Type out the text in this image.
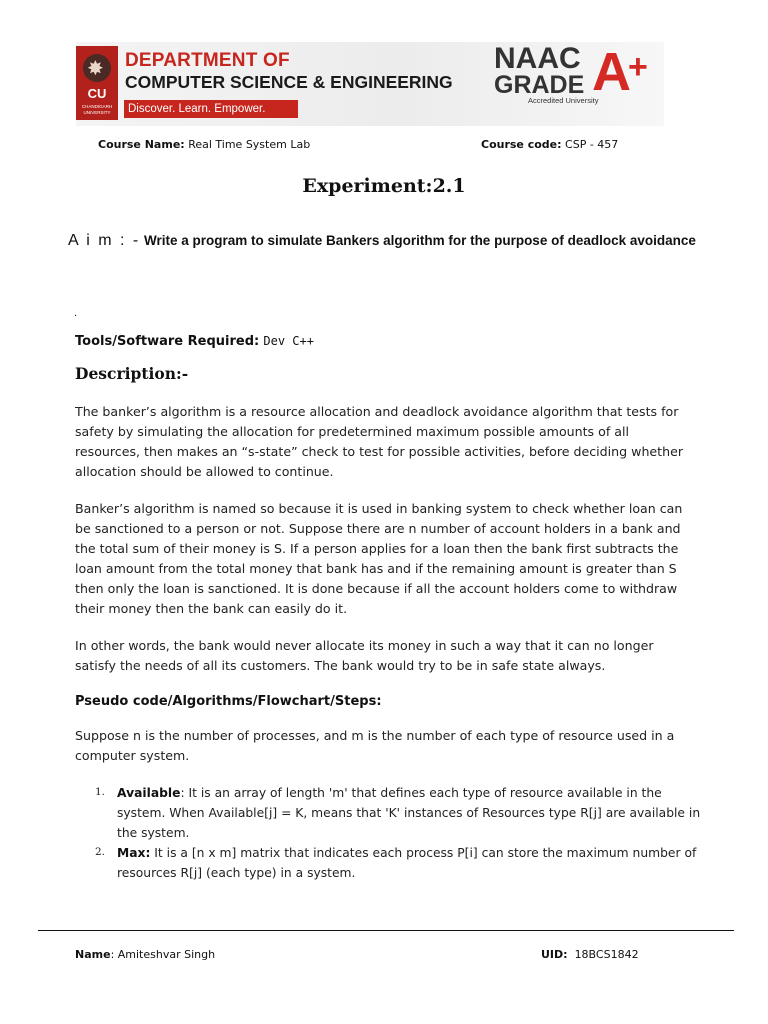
✸
CU
CHANDIGARH UNIVERSITY
DEPARTMENT OF
COMPUTER SCIENCE & ENGINEERING
Discover. Learn. Empower.
NAAC
GRADE A
+
Accredited University
Course Name: Real Time System Lab	Course code: CSP - 457
Experiment:2.1
A i m : - Write a program to simulate Bankers algorithm for the purpose of deadlock avoidance
.
Tools/Software Required: Dev C++
Description:-
The banker’s algorithm is a resource allocation and deadlock avoidance algorithm that tests for safety by simulating the allocation for predetermined maximum possible amounts of all resources, then makes an “s-state” check to test for possible activities, before deciding whether allocation should be allowed to continue.
Banker’s algorithm is named so because it is used in banking system to check whether loan can be sanctioned to a person or not. Suppose there are n number of account holders in a bank and the total sum of their money is S. If a person applies for a loan then the bank first subtracts the loan amount from the total money that bank has and if the remaining amount is greater than S then only the loan is sanctioned. It is done because if all the account holders come to withdraw their money then the bank can easily do it.
In other words, the bank would never allocate its money in such a way that it can no longer satisfy the needs of all its customers. The bank would try to be in safe state always.
Pseudo code/Algorithms/Flowchart/Steps:
Suppose n is the number of processes, and m is the number of each type of resource used in a computer system.
1. Available: It is an array of length 'm' that defines each type of resource available in the system. When Available[j] = K, means that 'K' instances of Resources type R[j] are available in the system.
2. Max: It is a [n x m] matrix that indicates each process P[i] can store the maximum number of resources R[j] (each type) in a system.
Name: Amiteshvar Singh	UID: 18BCS1842
